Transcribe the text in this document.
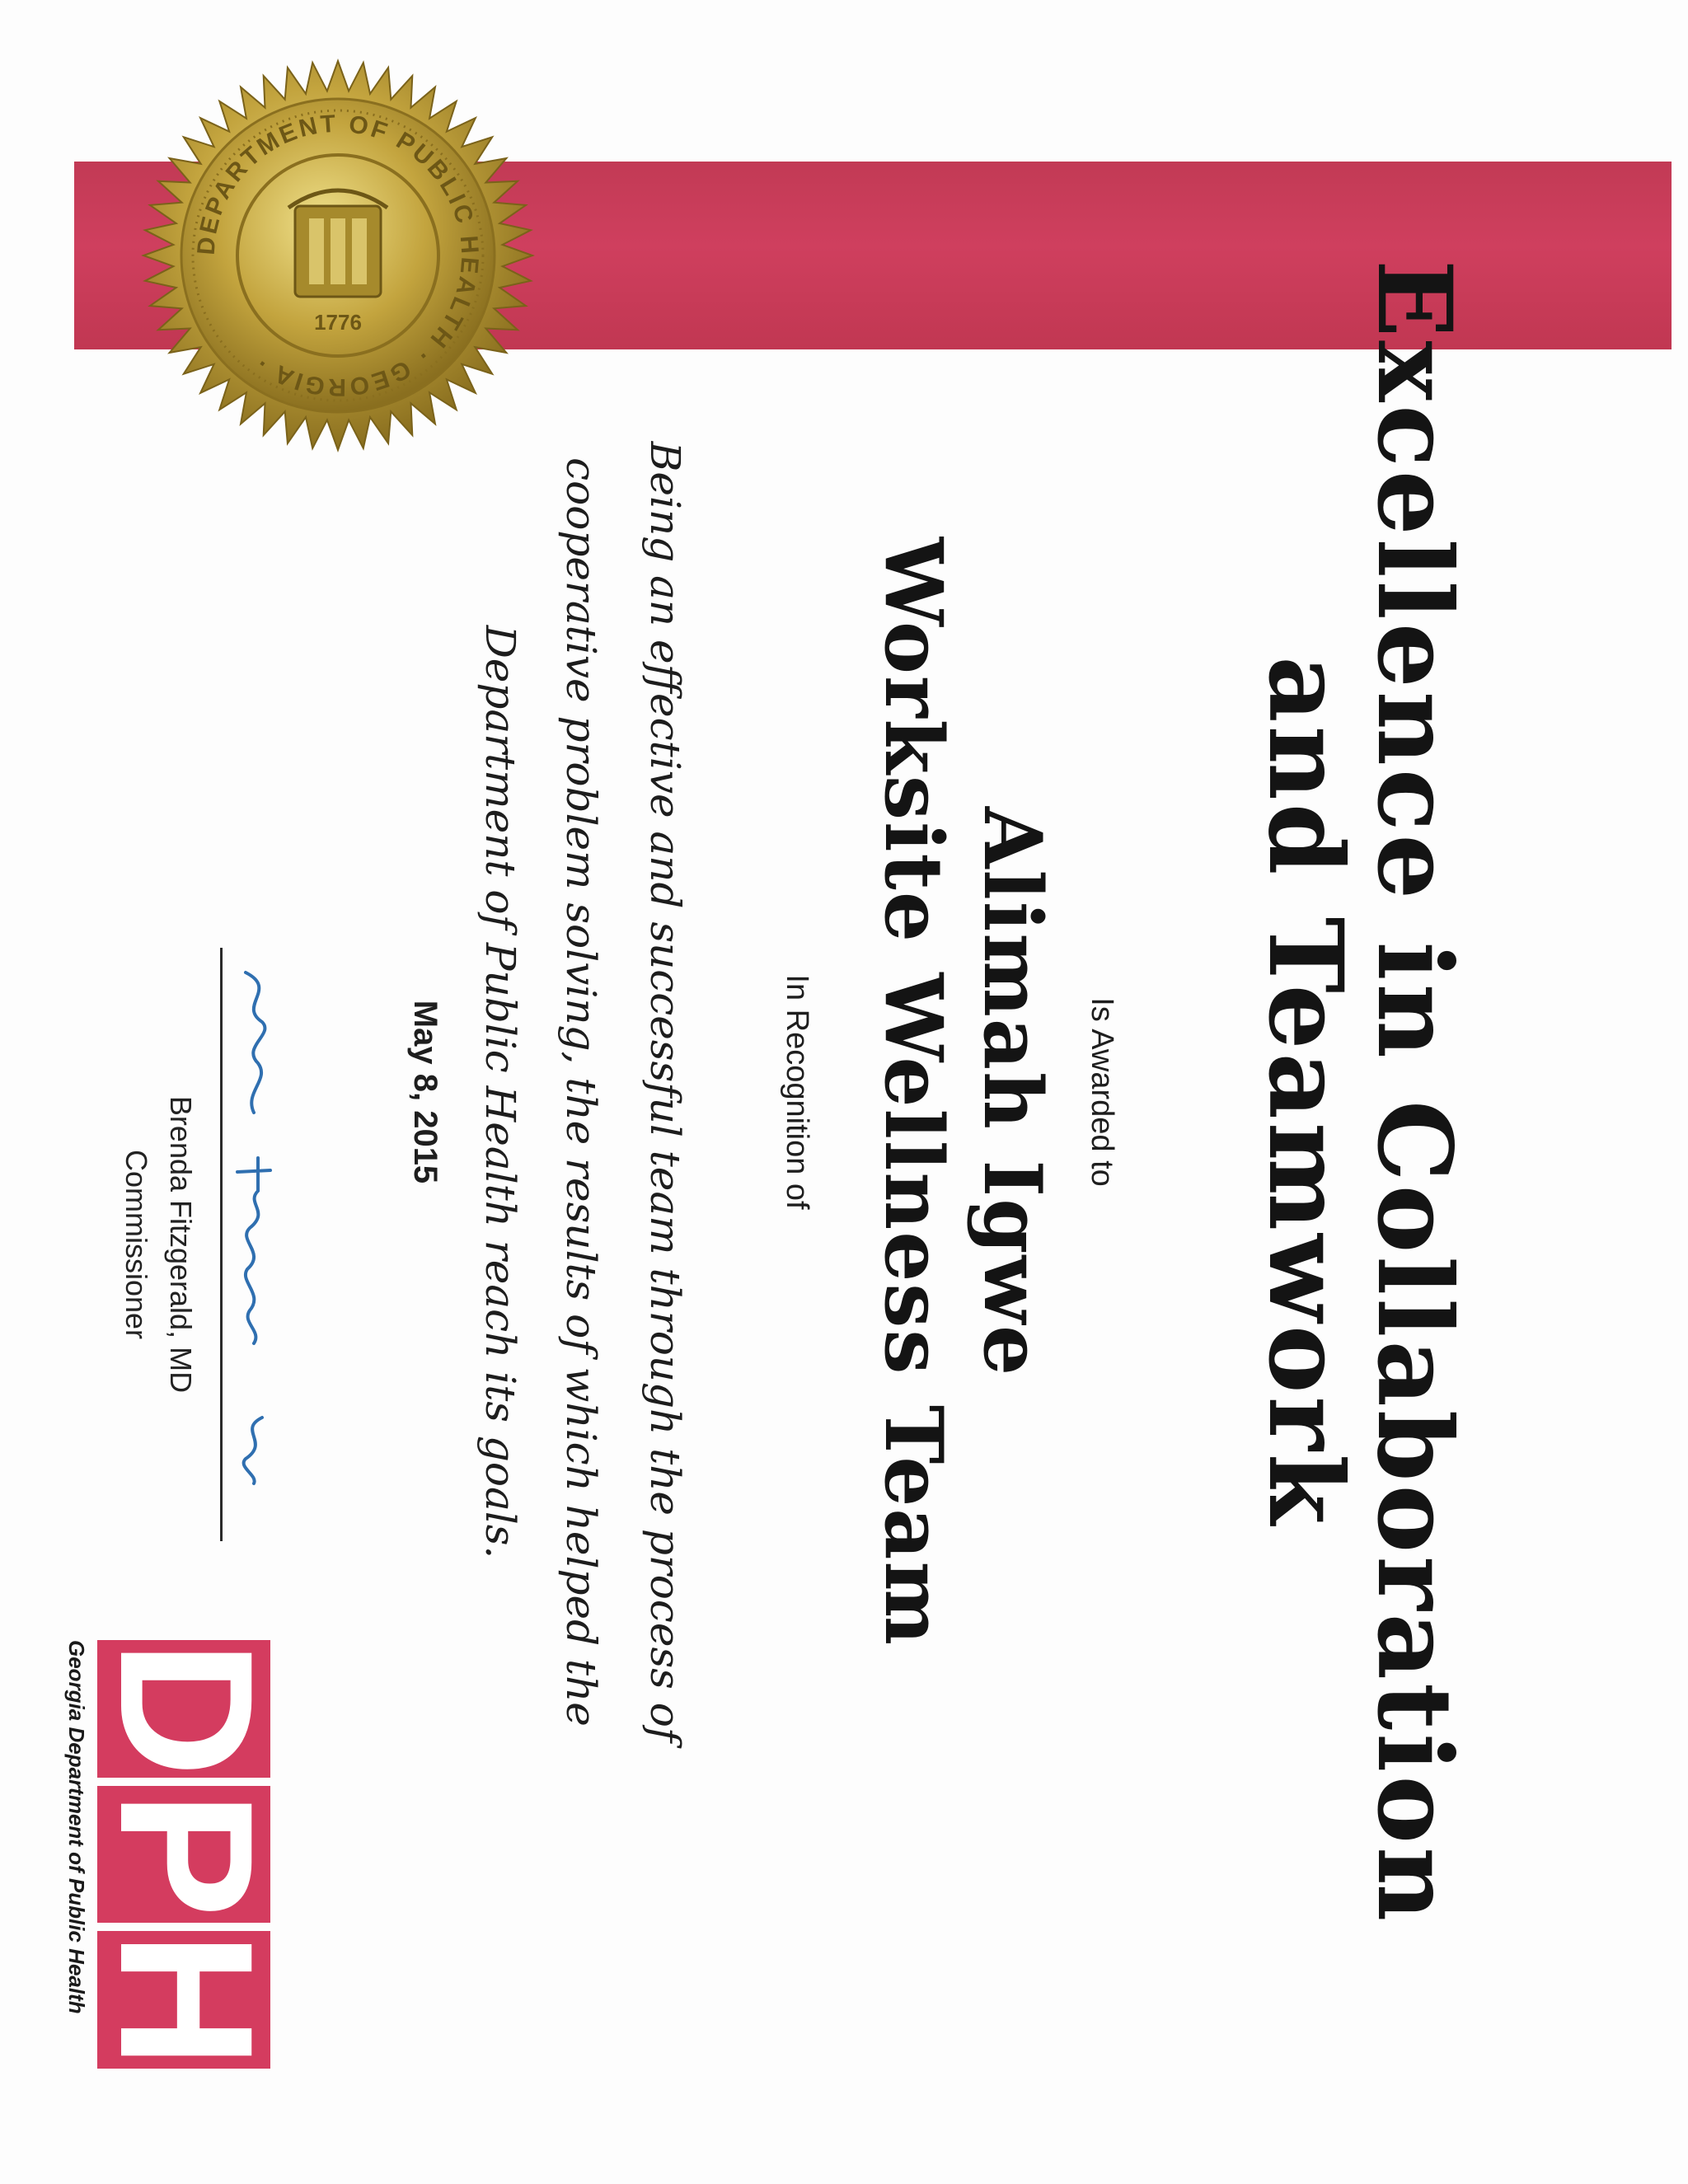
DEPARTMENT OF PUBLIC HEALTH · GEORGIA ·
1776	Excellence in Collaboration
and Teamwork
Is Awarded to
Alimah Igwe
Worksite Wellness Team
In Recognition of
Being an effective and successful team through the process of
cooperative problem solving, the results of which helped the
Department of Public Health reach its goals.
May 8, 2015
Brenda Fitzgerald, MD
Commissioner
D
P
H
Georgia Department of Public Health
